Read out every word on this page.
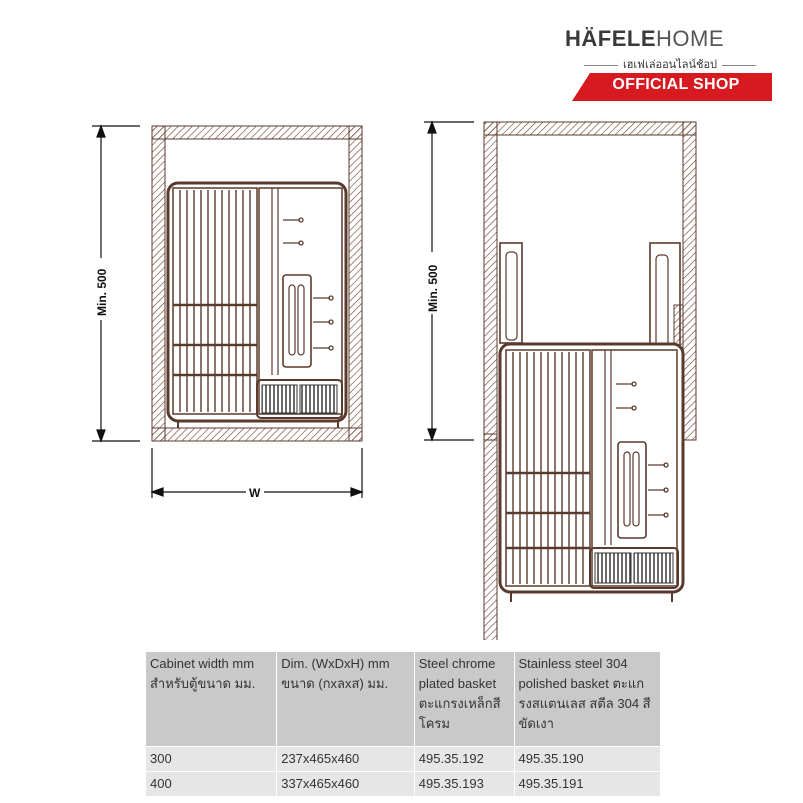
HÄFELEHOME
เฮเฟเล่ออนไลน์ช้อป
OFFICIAL SHOP
Min. 500
W
Min. 500
Cabinet width mm สำหรับตู้ขนาด มม.	Dim. (WxDxH) mm ขนาด (กxลxส) มม.	Steel chrome plated basket ตะแกรงเหล็กสีโครม	Stainless steel 304 polished basket ตะแกรงสแตนเลส สตีล 304 สีขัดเงา
300	237x465x460	495.35.192	495.35.190
400	337x465x460	495.35.193	495.35.191
